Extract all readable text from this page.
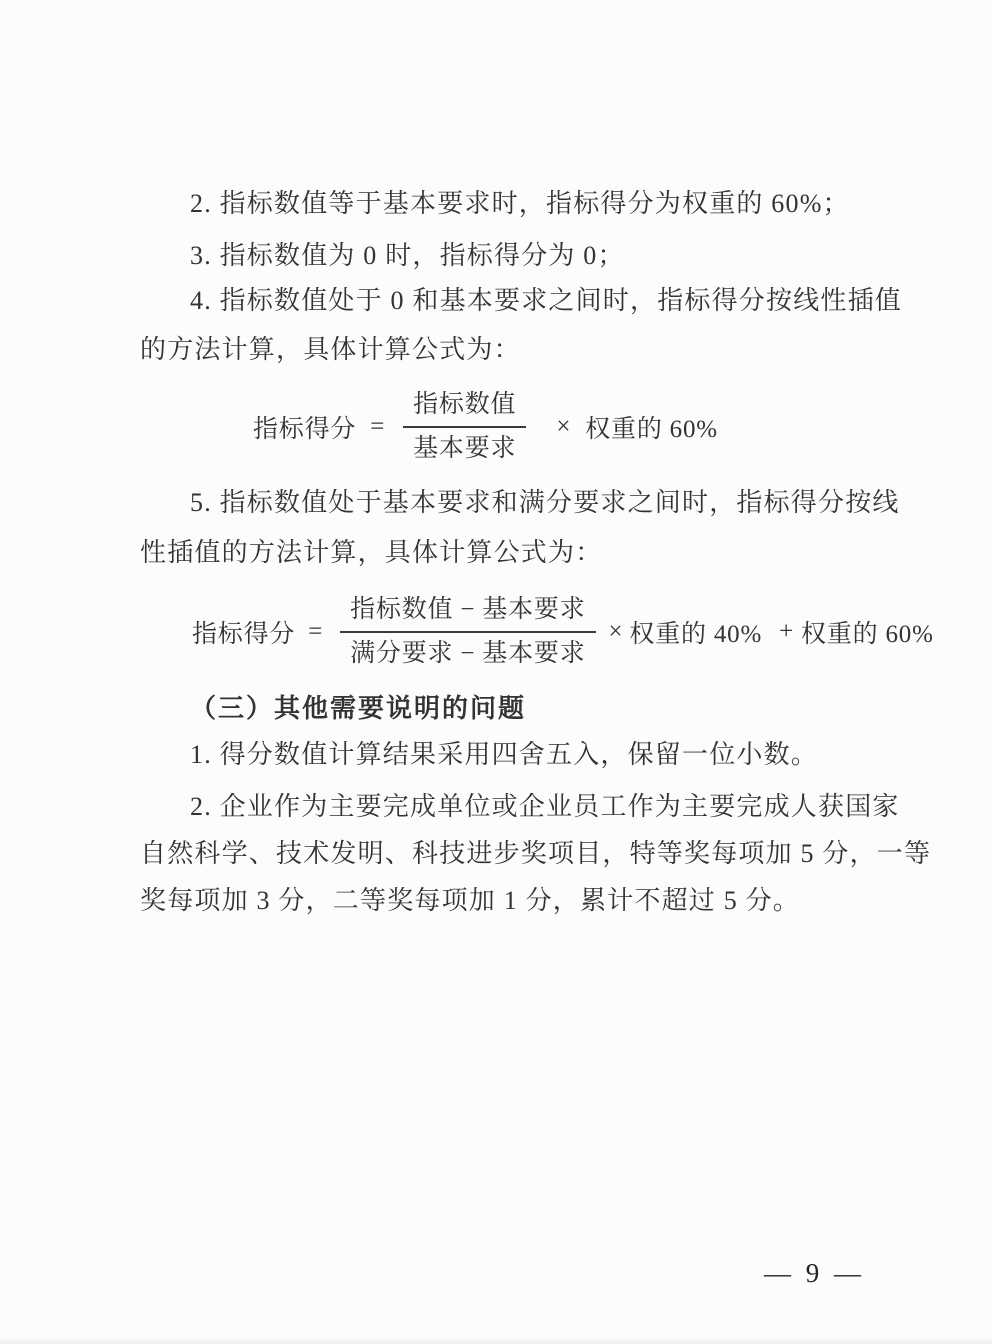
2. 指标数值等于基本要求时，指标得分为权重的 60%；
3. 指标数值为 0 时，指标得分为 0；
4. 指标数值处于 0 和基本要求之间时，指标得分按线性插值
的方法计算，具体计算公式为：
指标得分 = $\frac{\text{指标数值}}{\text{基本要求}}$ × 权重的 60%
5. 指标数值处于基本要求和满分要求之间时，指标得分按线
性插值的方法计算，具体计算公式为：
指标得分 = $\frac{\text{指标数值 − 基本要求}}{\text{满分要求 − 基本要求}}$ × 权重的 40% + 权重的 60%
（三）其他需要说明的问题
1. 得分数值计算结果采用四舍五入，保留一位小数。
2. 企业作为主要完成单位或企业员工作为主要完成人获国家
自然科学、技术发明、科技进步奖项目，特等奖每项加 5 分，一等
奖每项加 3 分，二等奖每项加 1 分，累计不超过 5 分。
— 9 —
